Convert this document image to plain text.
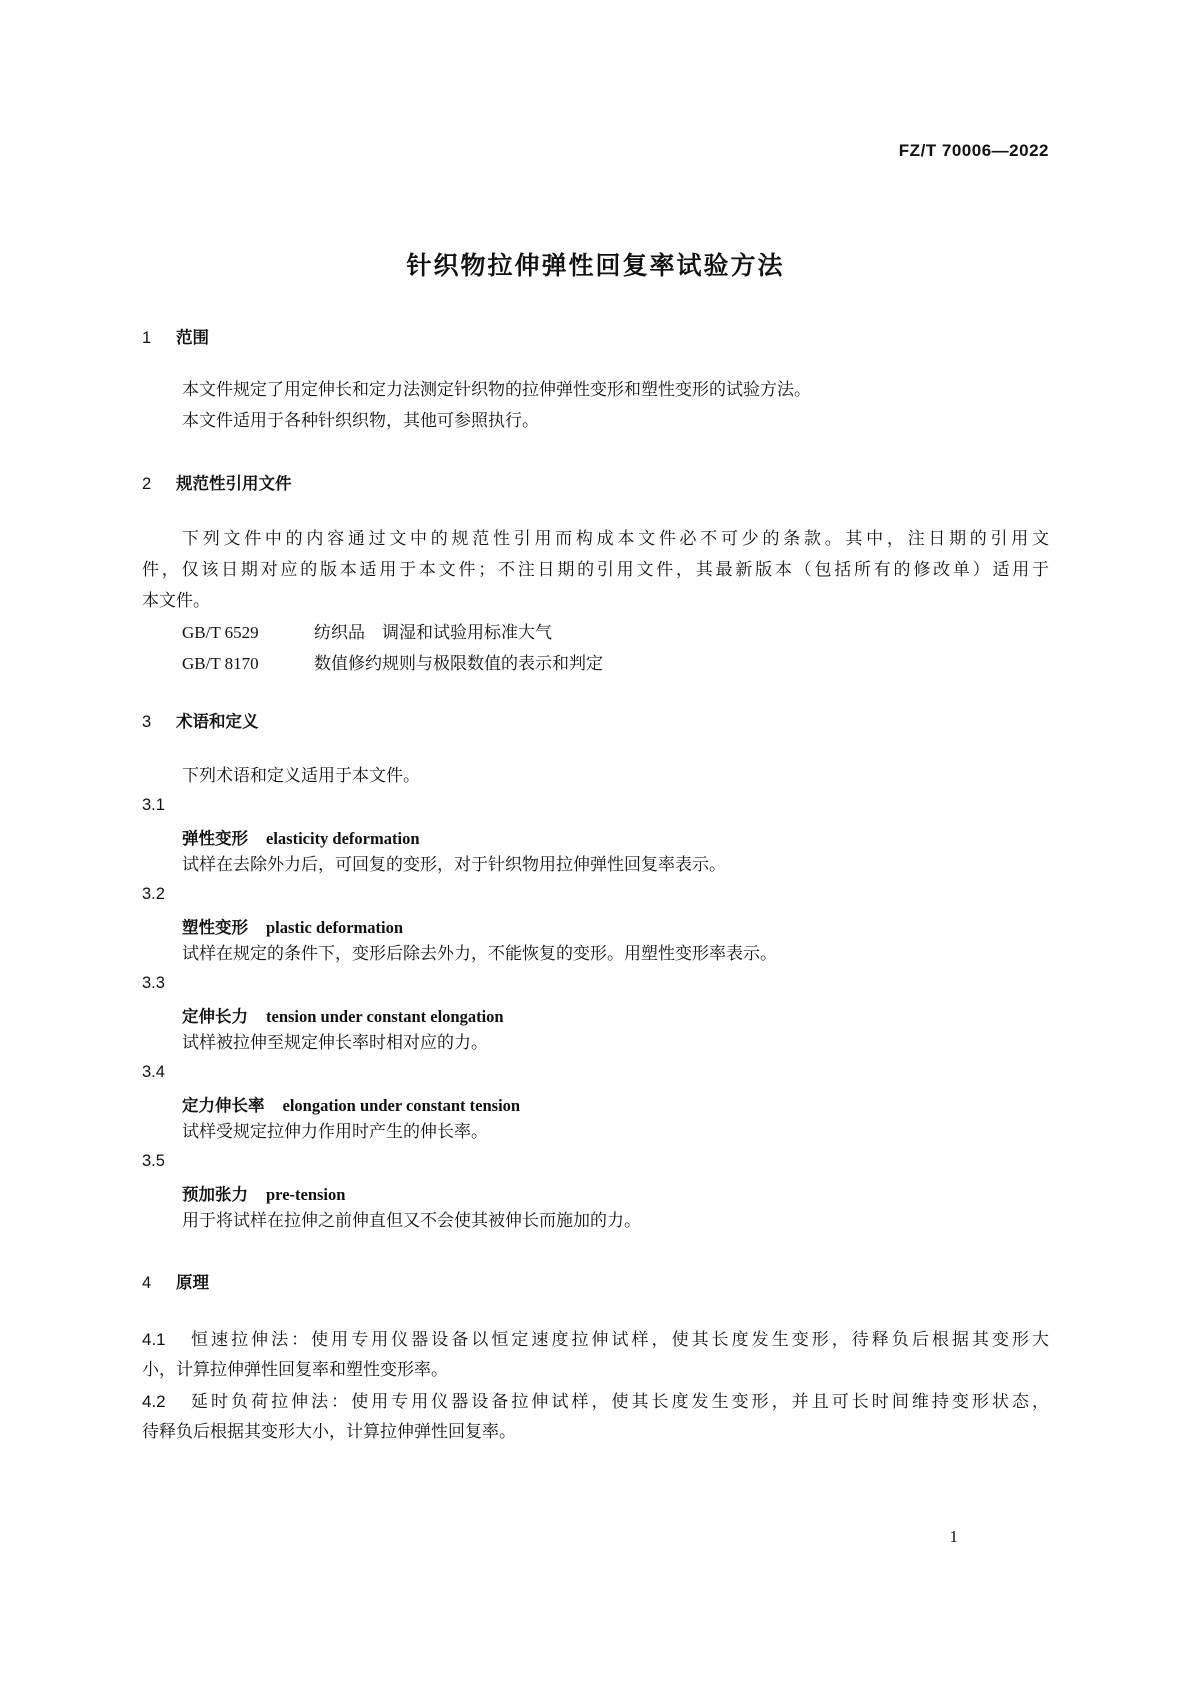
FZ/T 70006—2022
针织物拉伸弹性回复率试验方法
1 范围
本文件规定了用定伸长和定力法测定针织物的拉伸弹性变形和塑性变形的试验方法。
本文件适用于各种针织织物，其他可参照执行。
2 规范性引用文件
下列文件中的内容通过文中的规范性引用而构成本文件必不可少的条款。其中，注日期的引用文
件，仅该日期对应的版本适用于本文件；不注日期的引用文件，其最新版本（包括所有的修改单）适用于
本文件。
GB/T 6529	纺织品　调湿和试验用标准大气
GB/T 8170	数值修约规则与极限数值的表示和判定
3 术语和定义
下列术语和定义适用于本文件。
3.1
弹性变形 elasticity deformation
试样在去除外力后，可回复的变形，对于针织物用拉伸弹性回复率表示。
3.2
塑性变形 plastic deformation
试样在规定的条件下，变形后除去外力，不能恢复的变形。用塑性变形率表示。
3.3
定伸长力 tension under constant elongation
试样被拉伸至规定伸长率时相对应的力。
3.4
定力伸长率 elongation under constant tension
试样受规定拉伸力作用时产生的伸长率。
3.5
预加张力 pre-tension
用于将试样在拉伸之前伸直但又不会使其被伸长而施加的力。
4 原理
4.1 恒速拉伸法：使用专用仪器设备以恒定速度拉伸试样，使其长度发生变形，待释负后根据其变形大
小，计算拉伸弹性回复率和塑性变形率。
4.2 延时负荷拉伸法：使用专用仪器设备拉伸试样，使其长度发生变形，并且可长时间维持变形状态，
待释负后根据其变形大小，计算拉伸弹性回复率。
1
